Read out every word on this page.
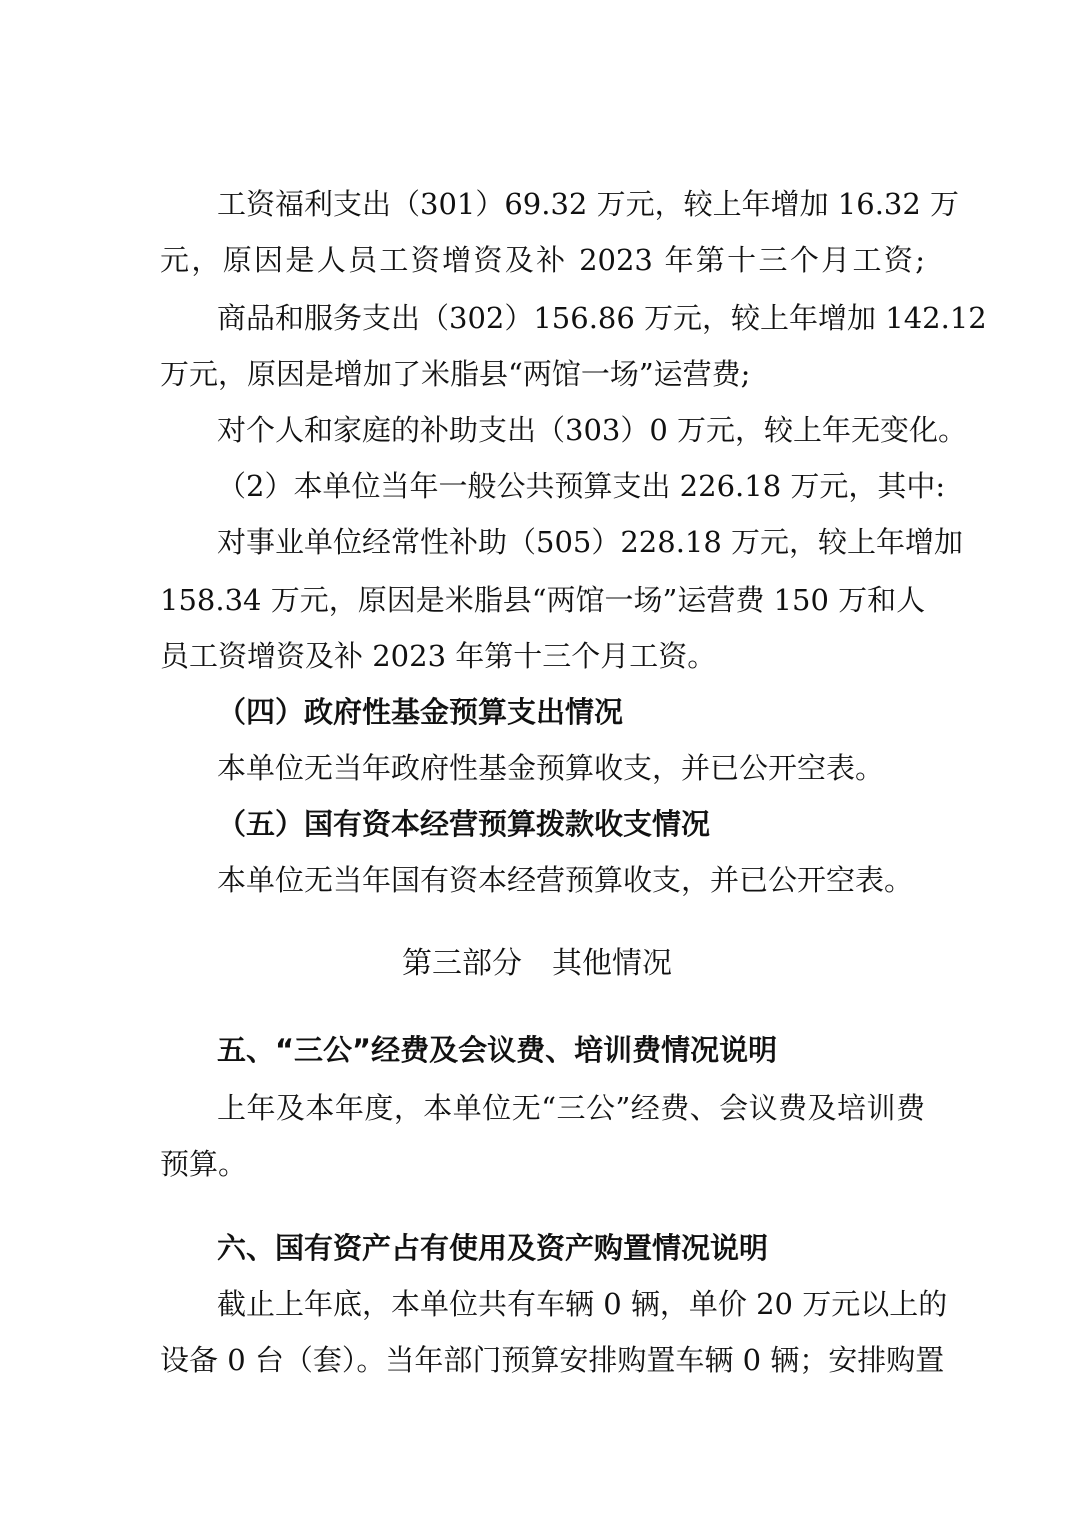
工资福利支出（301）69.32 万元，较上年增加 16.32 万
元，原因是人员工资增资及补 2023 年第十三个月工资;
商品和服务支出（302）156.86 万元，较上年增加 142.12
万元，原因是增加了米脂县“两馆一场”运营费;
对个人和家庭的补助支出（303）0 万元，较上年无变化。
（2）本单位当年一般公共预算支出 226.18 万元，其中:
对事业单位经常性补助（505）228.18 万元，较上年增加
158.34 万元，原因是米脂县“两馆一场”运营费 150 万和人
员工资增资及补 2023 年第十三个月工资。
（四）政府性基金预算支出情况
本单位无当年政府性基金预算收支，并已公开空表。
（五）国有资本经营预算拨款收支情况
本单位无当年国有资本经营预算收支，并已公开空表。
第三部分　其他情况
五、“三公”经费及会议费、培训费情况说明
上年及本年度，本单位无“三公”经费、会议费及培训费
预算。
六、国有资产占有使用及资产购置情况说明
截止上年底，本单位共有车辆 0 辆，单价 20 万元以上的
设备 0 台（套）。当年部门预算安排购置车辆 0 辆；安排购置
